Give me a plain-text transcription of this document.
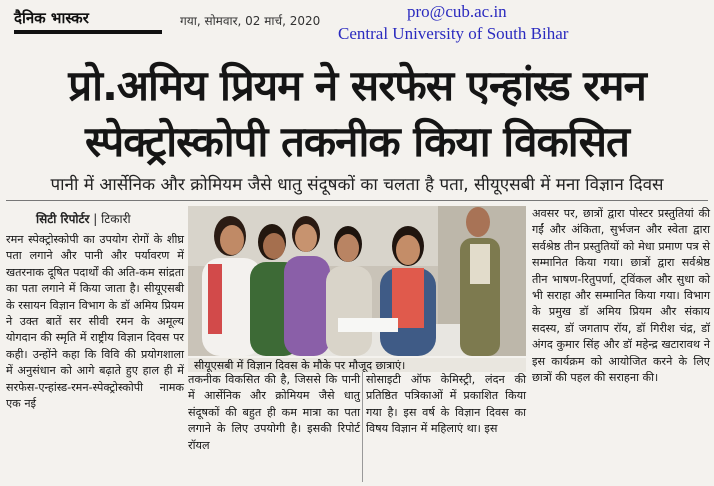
दैनिक भास्कर	गया, सोमवार, 02 मार्च, 2020	pro@cub.ac.in
Central University of South Bihar
प्रो.अमिय प्रियम ने सरफेस एन्हांस्ड रमन
स्पेक्ट्रोस्कोपी तकनीक किया विकसित
पानी में आर्सेनिक और क्रोमियम जैसे धातु संदूषकों का चलता है पता, सीयूएसबी में मना विज्ञान दिवस
सिटी रिपोर्टर | टिकारी
रमन स्पेक्ट्रोस्कोपी का उपयोग रोगों के शीघ्र पता लगाने और पानी और पर्यावरण में खतरनाक दूषित पदार्थों की अति-कम सांद्रता का पता लगाने में किया जाता है। सीयूएसबी के रसायन विज्ञान विभाग के डॉ अमिय प्रियम ने उक्त बातें सर सीवी रमन के अमूल्य योगदान की स्मृति में राष्ट्रीय विज्ञान दिवस पर कही। उन्होंने कहा कि विवि की प्रयोगशाला में अनुसंधान को आगे बढ़ाते हुए हाल ही में सरफेस-एन्हांस्ड-रमन-स्पेक्ट्रोस्कोपी नामक एक नई
सीयूएसबी में विज्ञान दिवस के मौके पर मौजूद छात्राएं।
तकनीक विकसित की है, जिससे कि पानी में आर्सेनिक और क्रोमियम जैसे धातु संदूषकों की बहुत ही कम मात्रा का पता लगाने के लिए उपयोगी है। इसकी रिपोर्ट रॉयल
सोसाइटी ऑफ केमिस्ट्री, लंदन की प्रतिष्ठित पत्रिकाओं में प्रकाशित किया गया है। इस वर्ष के विज्ञान दिवस का विषय विज्ञान में महिलाएं था। इस
अवसर पर, छात्रों द्वारा पोस्टर प्रस्तुतियां की गईं और अंकिता, सुर्भजन और स्वेता द्वारा सर्वश्रेष्ठ तीन प्रस्तुतियों को मेधा प्रमाण पत्र से सम्मानित किया गया। छात्रों द्वारा सर्वश्रेष्ठ तीन भाषण-रितुपर्णा, ट्विंकल और सुधा को भी सराहा और सम्मानित किया गया। विभाग के प्रमुख डॉ अमिय प्रियम और संकाय सदस्य, डॉ जगताप रॉय, डॉ गिरीश चंद्र, डॉ अंगद कुमार सिंह और डॉ महेन्द्र खटारावथ ने इस कार्यक्रम को आयोजित करने के लिए छात्रों की पहल की सराहना की।
